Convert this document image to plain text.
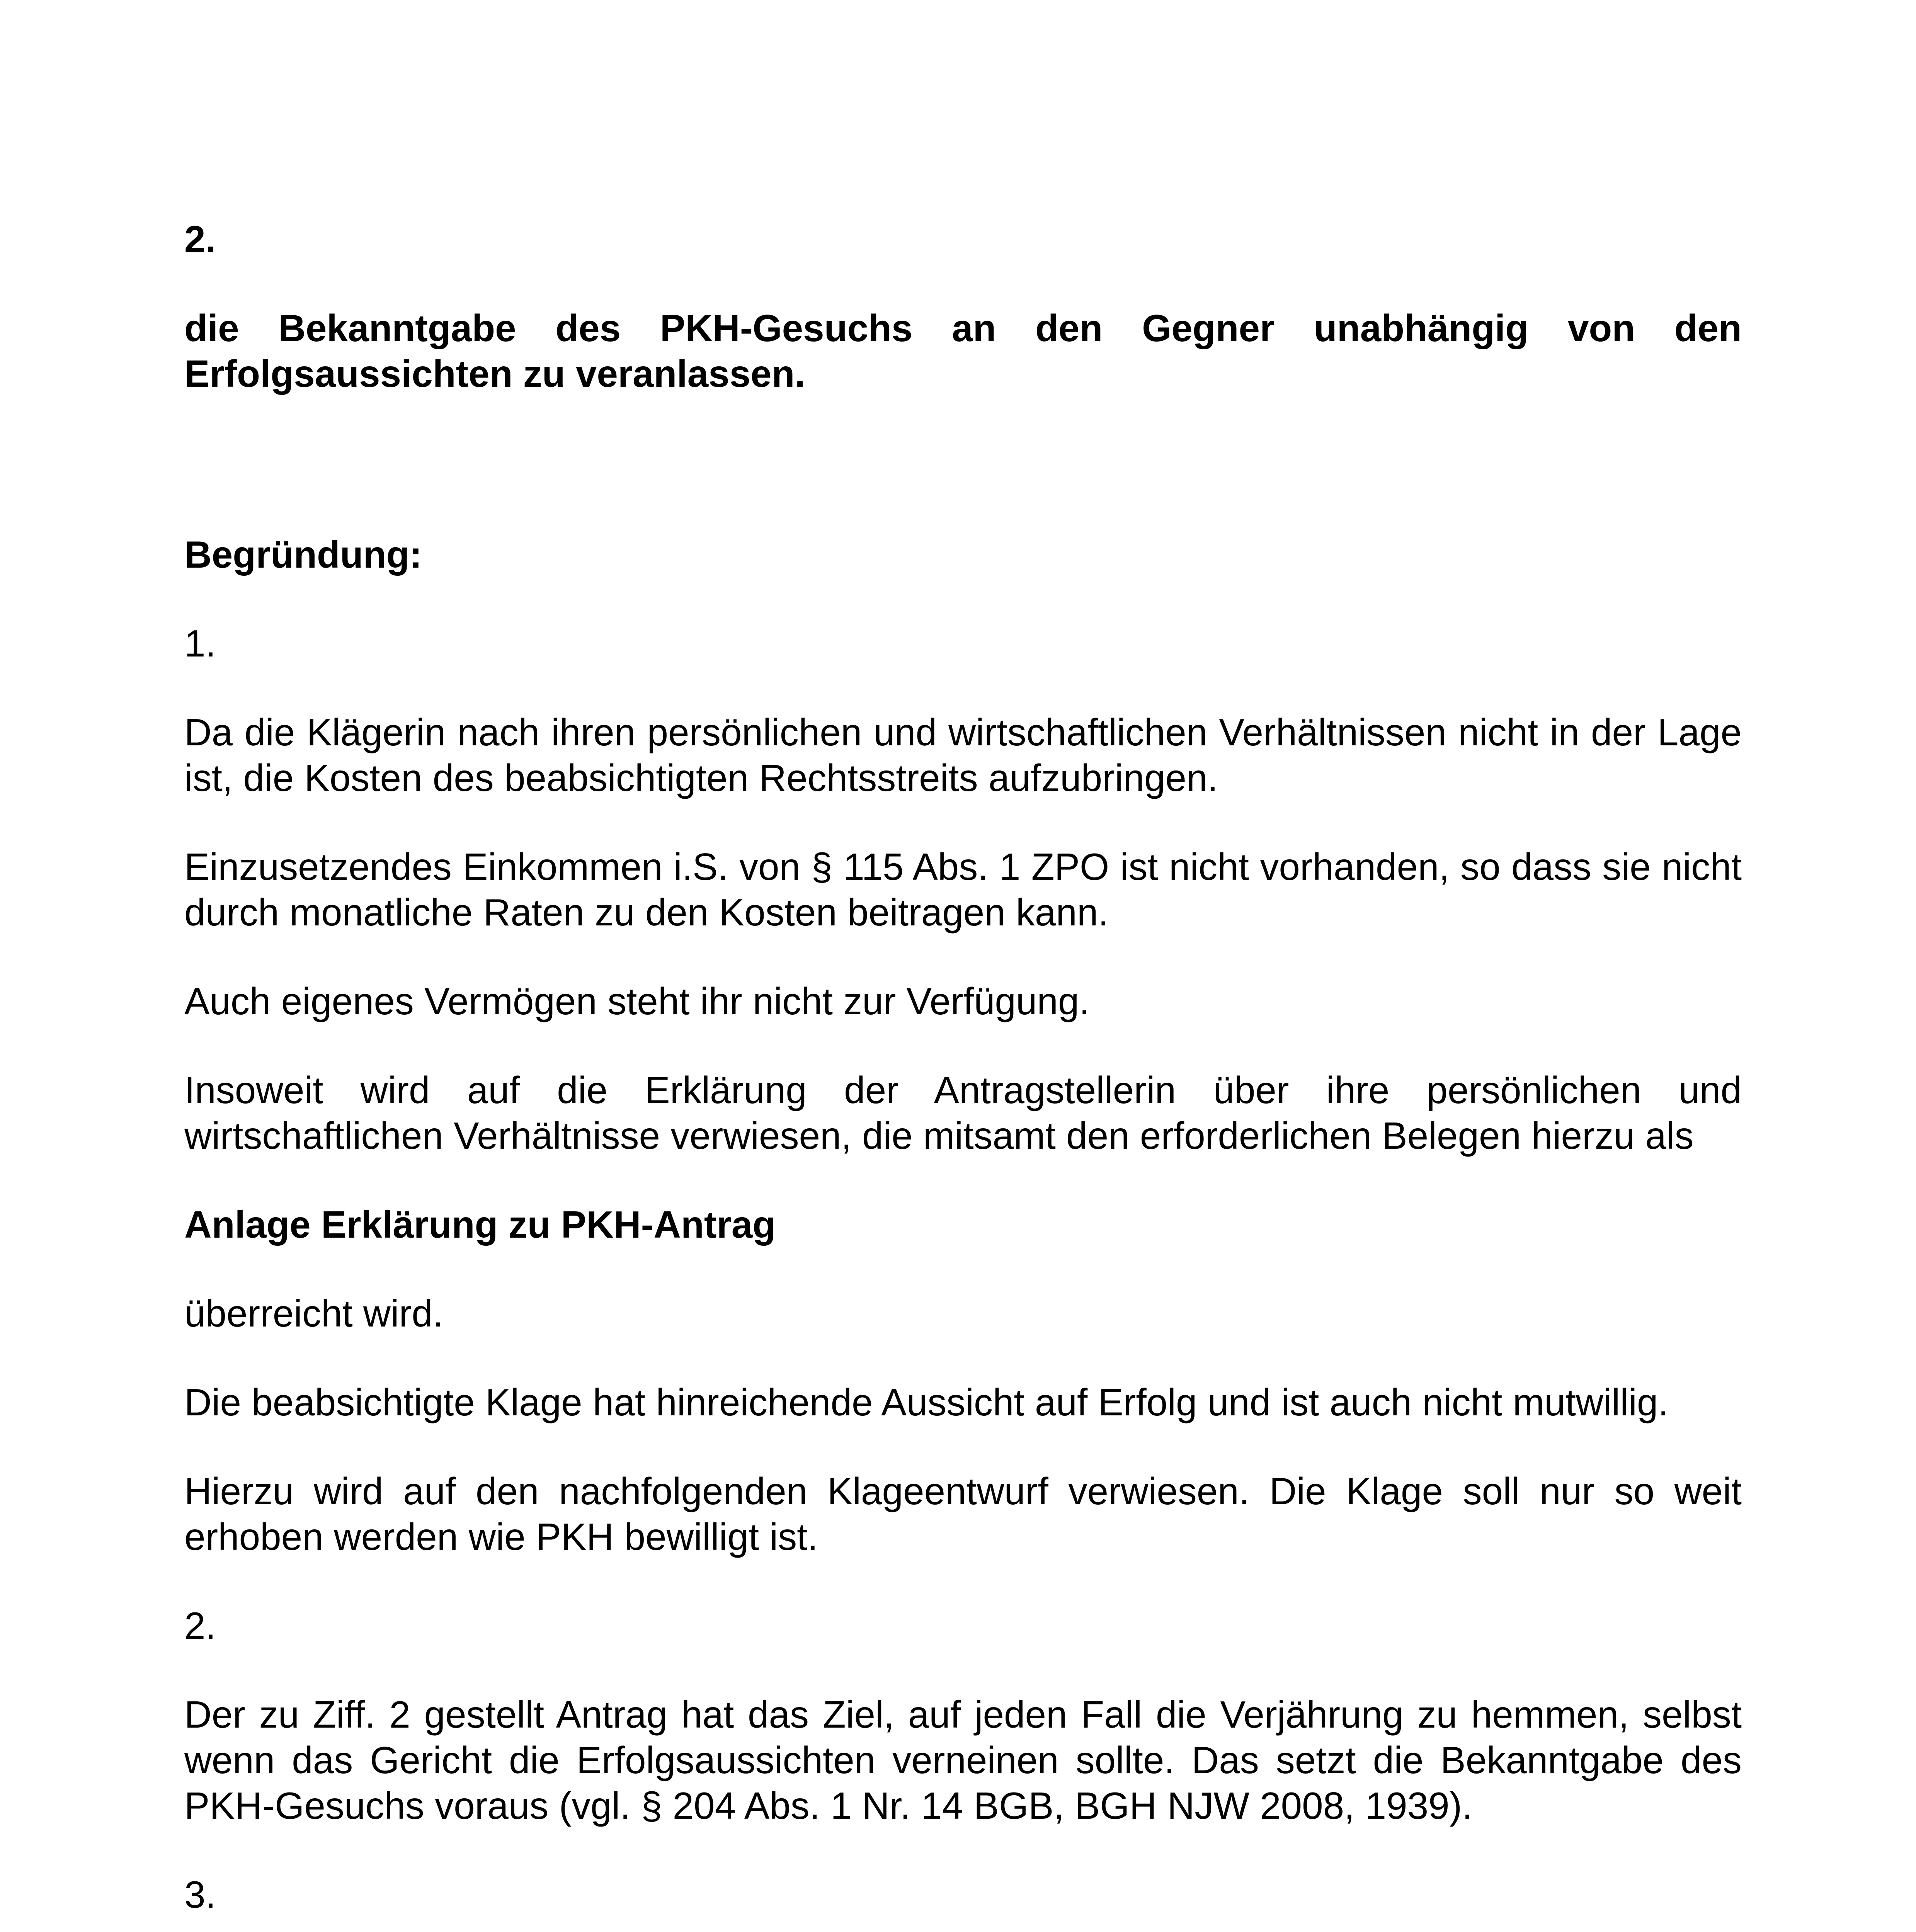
2.

die Bekanntgabe des PKH-Gesuchs an den Gegner unabhängig von den Erfolgsaussichten zu veranlassen.

Begründung:

1.

Da die Klägerin nach ihren persönlichen und wirtschaftlichen Verhältnissen nicht in der Lage ist, die Kosten des beabsichtigten Rechtsstreits aufzubringen.

Einzusetzendes Einkommen i.S. von § 115 Abs. 1 ZPO ist nicht vorhanden, so dass sie nicht durch monatliche Raten zu den Kosten beitragen kann.

Auch eigenes Vermögen steht ihr nicht zur Verfügung.

Insoweit wird auf die Erklärung der Antragstellerin über ihre persönlichen und wirtschaftlichen Verhältnisse verwiesen, die mitsamt den erforderlichen Belegen hierzu als

Anlage Erklärung zu PKH-Antrag

überreicht wird.

Die beabsichtigte Klage hat hinreichende Aussicht auf Erfolg und ist auch nicht mutwillig.

Hierzu wird auf den nachfolgenden Klageentwurf verwiesen. Die Klage soll nur so weit erhoben werden wie PKH bewilligt ist.

2.

Der zu Ziff. 2 gestellt Antrag hat das Ziel, auf jeden Fall die Verjährung zu hemmen, selbst wenn das Gericht die Erfolgsaussichten verneinen sollte. Das setzt die Bekanntgabe des PKH-Gesuchs voraus (vgl. § 204 Abs. 1 Nr. 14 BGB, BGH NJW 2008, 1939).

3.
